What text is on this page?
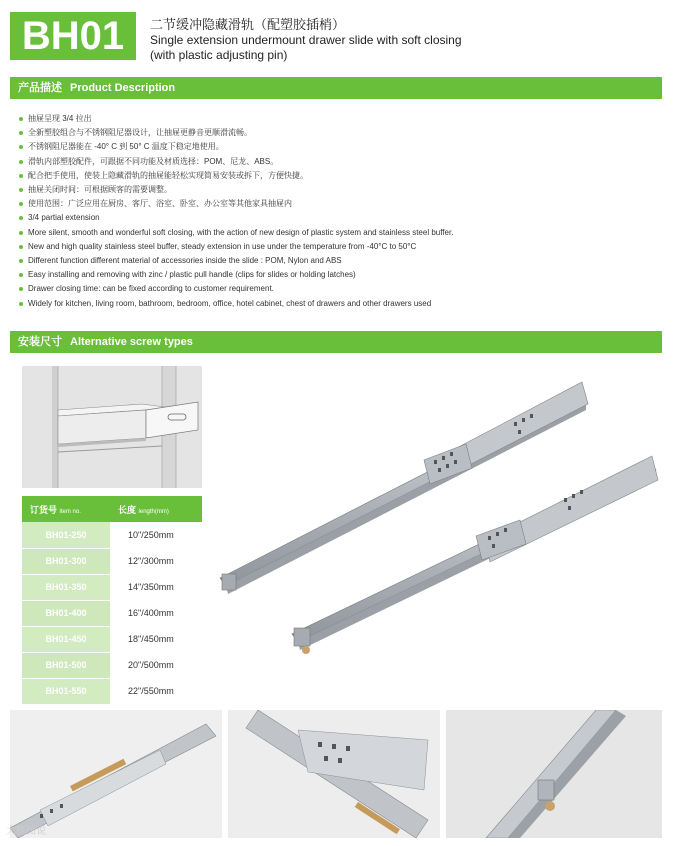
BH01	二节缓冲隐藏滑轨（配塑胶插梢）
Single extension undermount drawer slide with soft closing
(with plastic adjusting pin)
产品描述 Product Description
抽屉呈现 3/4 拉出
全新塑胶组合与不锈钢阻尼器设计，让抽屉更静音更顺滑流畅。
不锈钢阻尼器能在 -40° C 到 50° C 温度下稳定地使用。
滑轨内部塑胶配件，可跟据不同功能及材质选择：POM、尼龙、ABS。
配合把手使用，使装上隐藏滑轨的抽屉能轻松实现简易安装或拆下，方便快捷。
抽屉关闭时间：可根据顾客的需要调整。
使用范围：广泛应用在厨房、客厅、浴室、卧室、办公室等其他家具抽屉内
3/4 partial extension
More silent, smooth and wonderful soft closing, with the action of new design of plastic system and stainless steel buffer.
New and high quality stainless steel buffer, steady extension in use under the temperature from -40°C to 50°C
Different function different material of accessories inside the slide : POM, Nylon and ABS
Easy installing and removing with zinc / plastic pull handle (clips for slides or holding latches)
Drawer closing time: can be fixed according to customer requirement.
Widely for kitchen, living room, bathroom, bedroom, office, hotel cabinet, chest of drawers and other drawers used
安装尺寸 Alternative screw types
订货号 item no.	长度 length(mm)
BH01-250	10"/250mm
BH01-300	12"/300mm
BH01-350	14"/350mm
BH01-400	16"/400mm
BH01-450	18"/450mm
BH01-500	20"/500mm
BH01-550	22"/550mm
大概图说
